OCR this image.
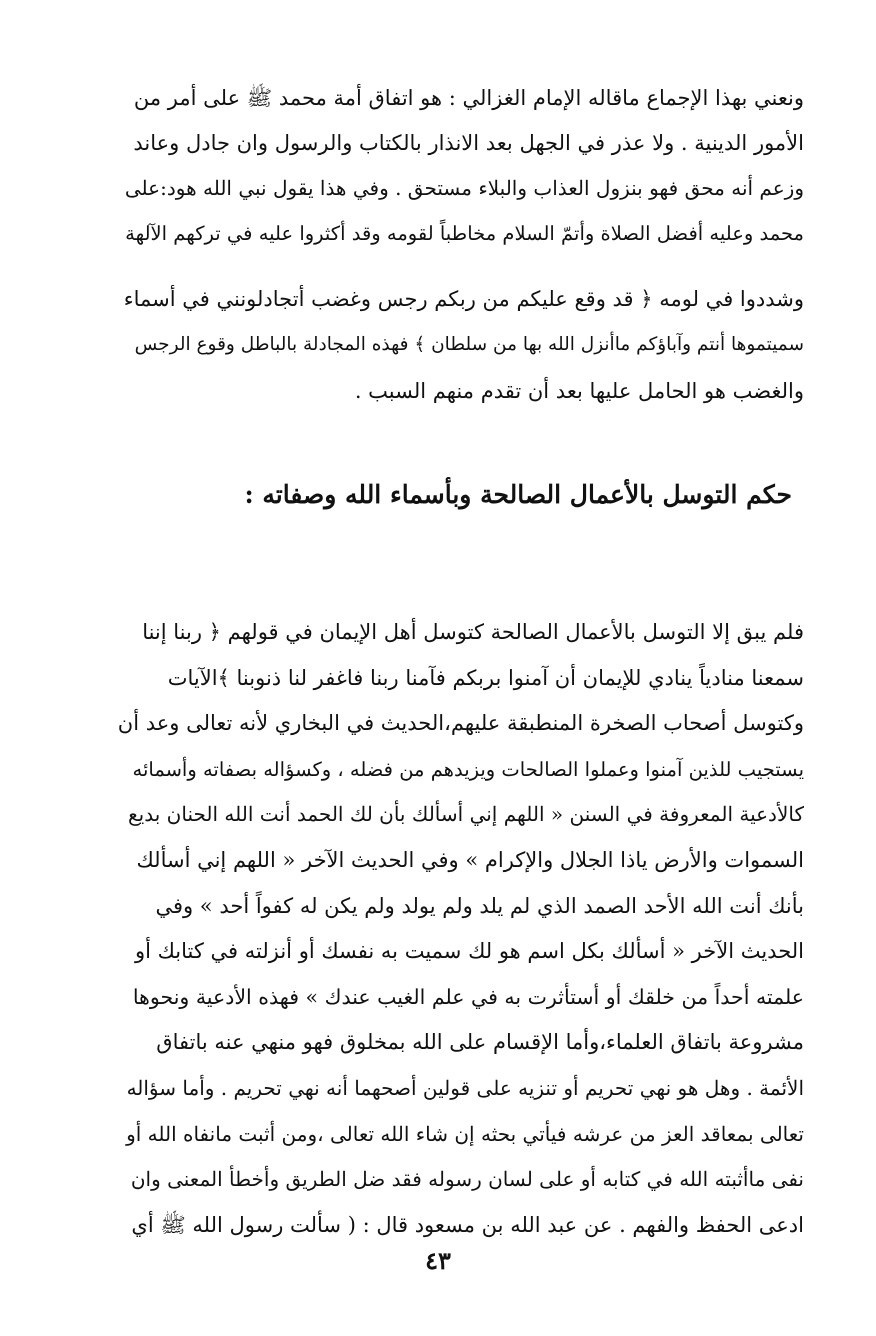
ونعني بهذا الإجماع ماقاله الإمام الغزالي : هو اتفاق أمة محمد ﷺ على أمر من
الأمور الدينية . ولا عذر في الجهل بعد الانذار بالكتاب والرسول وان جادل وعاند
وزعم أنه محق فهو بنزول العذاب والبلاء مستحق . وفي هذا يقول نبي الله هود:على
محمد وعليه أفضل الصلاة وأتمّ السلام مخاطباً لقومه وقد أكثروا عليه في تركهم الآلهة

وشددوا في لومه ﴿ قد وقع عليكم من ربكم رجس وغضب أتجادلونني في أسماء
سميتموها أنتم وآباؤكم ماأنزل الله بها من سلطان ﴾ فهذه المجادلة بالباطل وقوع الرجس
والغضب هو الحامل عليها بعد أن تقدم منهم السبب .

حكم التوسل بالأعمال الصالحة وبأسماء الله وصفاته :

فلم يبق إلا التوسل بالأعمال الصالحة كتوسل أهل الإيمان في قولهم ﴿ ربنا إننا
سمعنا منادياً ينادي للإيمان أن آمنوا بربكم فآمنا ربنا فاغفر لنا ذنوبنا ﴾الآيات
وكتوسل أصحاب الصخرة المنطبقة عليهم،الحديث في البخاري لأنه تعالى وعد أن
يستجيب للذين آمنوا وعملوا الصالحات ويزيدهم من فضله ، وكسؤاله بصفاته وأسمائه
كالأدعية المعروفة في السنن « اللهم إني أسألك بأن لك الحمد أنت الله الحنان بديع
السموات والأرض ياذا الجلال والإكرام » وفي الحديث الآخر « اللهم إني أسألك
بأنك أنت الله الأحد الصمد الذي لم يلد ولم يولد ولم يكن له كفواً أحد » وفي
الحديث الآخر « أسألك بكل اسم هو لك سميت به نفسك أو أنزلته في كتابك أو
علمته أحداً من خلقك أو أستأثرت به في علم الغيب عندك » فهذه الأدعية ونحوها
مشروعة باتفاق العلماء،وأما الإقسام على الله بمخلوق فهو منهي عنه باتفاق
الأئمة . وهل هو نهي تحريم أو تنزيه على قولين أصحهما أنه نهي تحريم . وأما سؤاله
تعالى بمعاقد العز من عرشه فيأتي بحثه إن شاء الله تعالى ،ومن أثبت مانفاه الله أو
نفى ماأثبته الله في كتابه أو على لسان رسوله فقد ضل الطريق وأخطأ المعنى وان
ادعى الحفظ والفهم . عن عبد الله بن مسعود قال : ( سألت رسول الله ﷺ أي

٤٣
